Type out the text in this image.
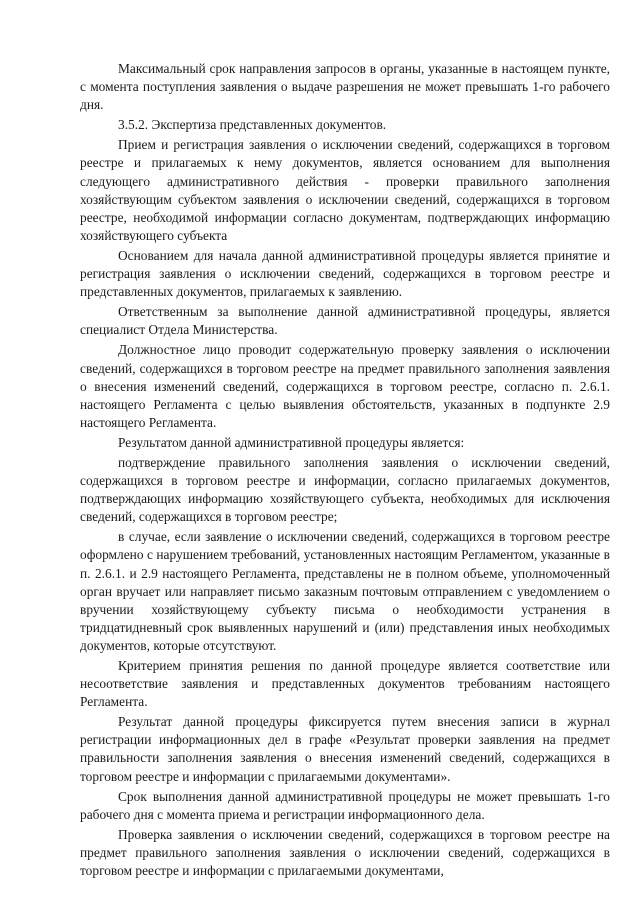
Максимальный срок направления запросов в органы, указанные в настоящем пункте, с момента поступления заявления о выдаче разрешения не может превышать 1-го рабочего дня.

3.5.2. Экспертиза представленных документов.

Прием и регистрация заявления о исключении сведений, содержащихся в торговом реестре и прилагаемых к нему документов, является основанием для выполнения следующего административного действия - проверки правильного заполнения хозяйствующим субъектом заявления о исключении сведений, содержащихся в торговом реестре, необходимой информации согласно документам, подтверждающих информацию хозяйствующего субъекта

Основанием для начала данной административной процедуры является принятие и регистрация заявления о исключении сведений, содержащихся в торговом реестре и представленных документов, прилагаемых к заявлению.

Ответственным за выполнение данной административной процедуры, является специалист Отдела Министерства.

Должностное лицо проводит содержательную проверку заявления о исключении сведений, содержащихся в торговом реестре на предмет правильного заполнения заявления о внесения изменений сведений, содержащихся в торговом реестре, согласно п. 2.6.1. настоящего Регламента с целью выявления обстоятельств, указанных в подпункте 2.9 настоящего Регламента.

Результатом данной административной процедуры является:

подтверждение правильного заполнения заявления о исключении сведений, содержащихся в торговом реестре и информации, согласно прилагаемых документов, подтверждающих информацию хозяйствующего субъекта, необходимых для исключения сведений, содержащихся в торговом реестре;

в случае, если заявление о исключении сведений, содержащихся в торговом реестре оформлено с нарушением требований, установленных настоящим Регламентом, указанные в п. 2.6.1. и 2.9 настоящего Регламента, представлены не в полном объеме, уполномоченный орган вручает или направляет письмо заказным почтовым отправлением с уведомлением о вручении хозяйствующему субъекту письма о необходимости устранения в тридцатидневный срок выявленных нарушений и (или) представления иных необходимых документов, которые отсутствуют.

Критерием принятия решения по данной процедуре является соответствие или несоответствие заявления и представленных документов требованиям настоящего Регламента.

Результат данной процедуры фиксируется путем внесения записи в журнал регистрации информационных дел в графе «Результат проверки заявления на предмет правильности заполнения заявления о внесения изменений сведений, содержащихся в торговом реестре и информации с прилагаемыми документами».

Срок выполнения данной административной процедуры не может превышать 1-го рабочего дня с момента приема и регистрации информационного дела.

Проверка заявления о исключении сведений, содержащихся в торговом реестре на предмет правильного заполнения заявления о исключении сведений, содержащихся в торговом реестре и информации с прилагаемыми документами,
